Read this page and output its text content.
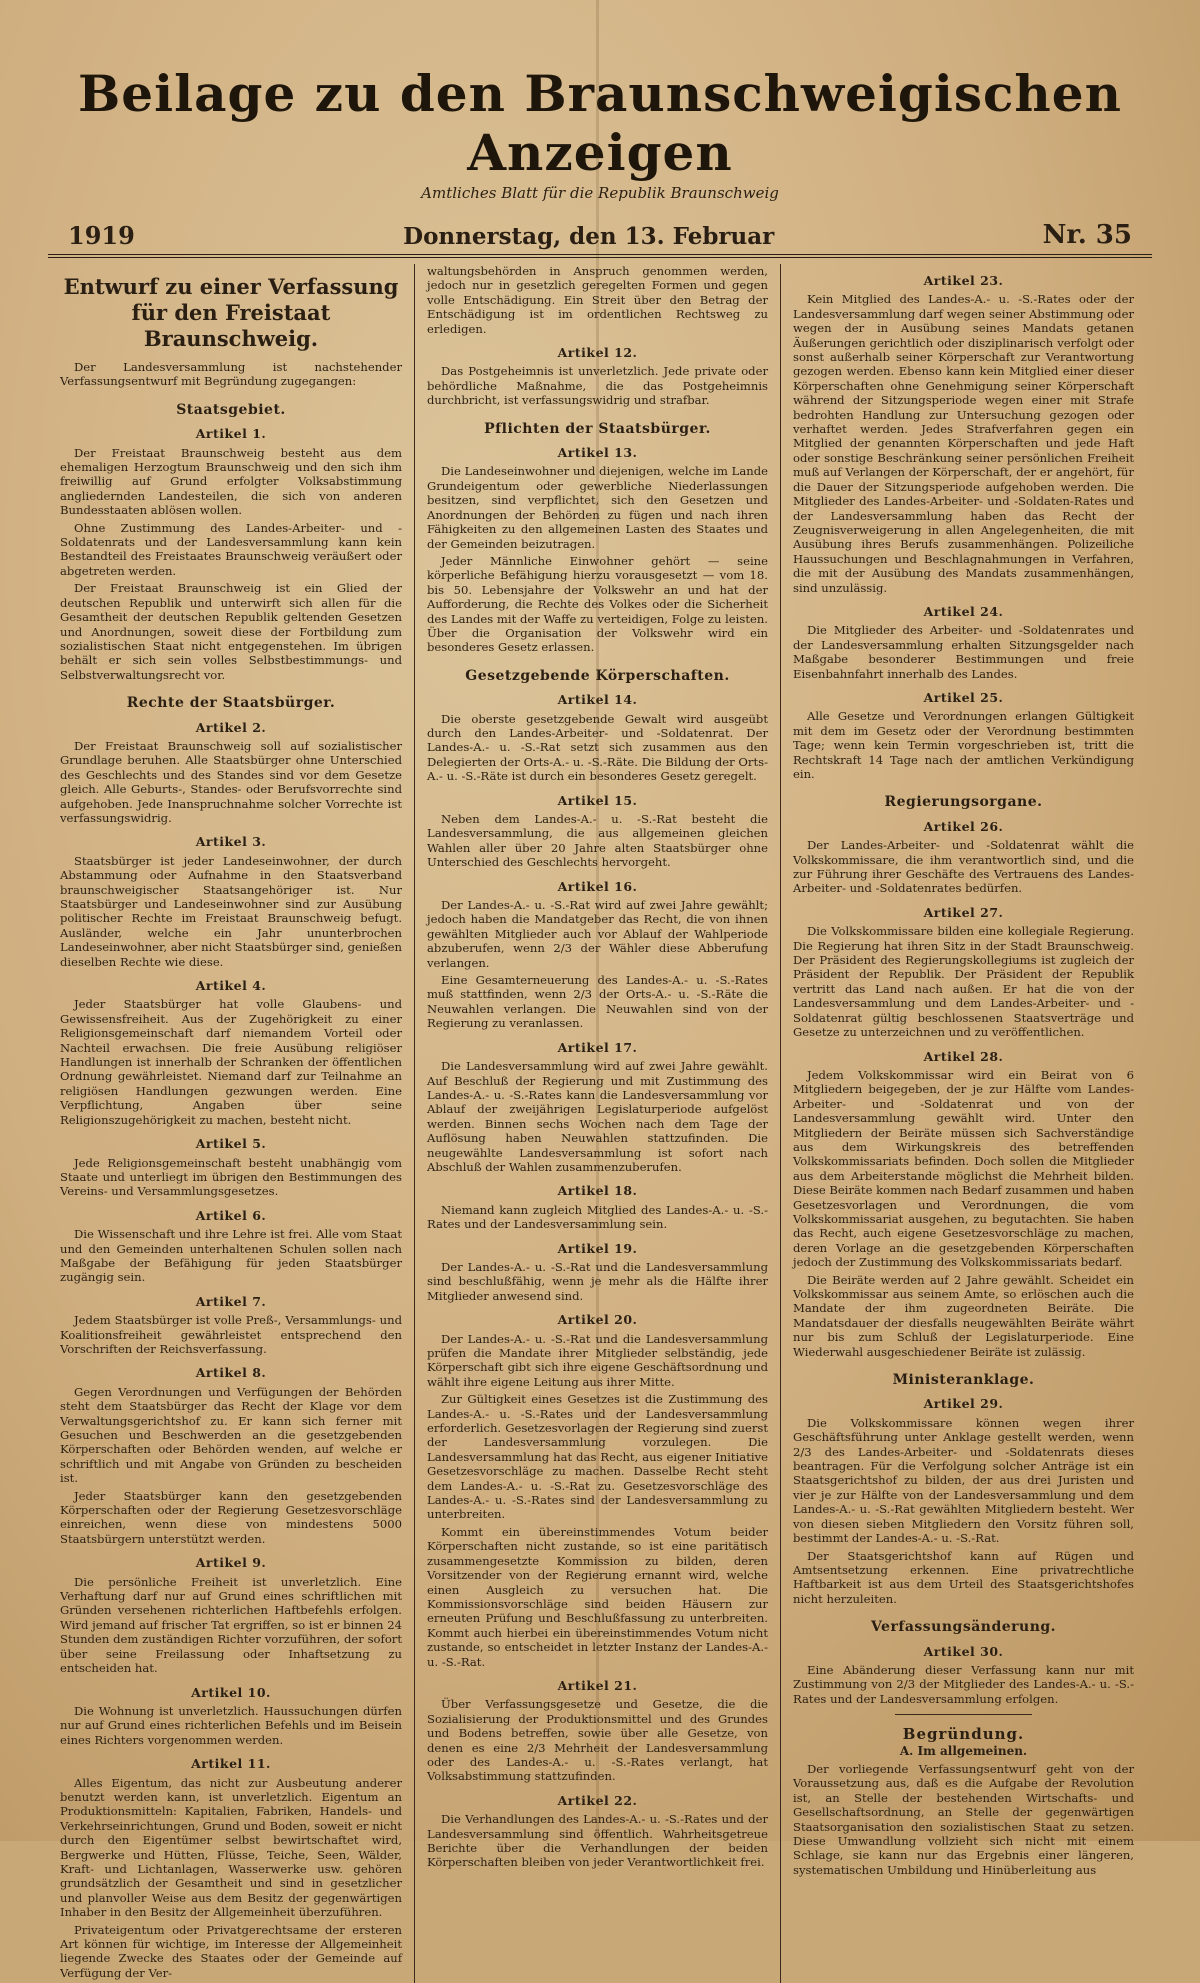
Beilage zu den Braunschweigischen Anzeigen
Amtliches Blatt für die Republik Braunschweig
1919	Donnerstag, den 13. Februar	Nr. 35
Entwurf zu einer Verfassung für den Freistaat Braunschweig.

Der Landesversammlung ist nachstehender Verfassungsentwurf mit Begründung zugegangen:

Staatsgebiet.
Artikel 1.

Der Freistaat Braunschweig besteht aus dem ehemaligen Herzogtum Braunschweig und den sich ihm freiwillig auf Grund erfolgter Volksabstimmung angliedernden Landesteilen, die sich von anderen Bundesstaaten ablösen wollen.

Ohne Zustimmung des Landes-Arbeiter- und -Soldatenrats und der Landesversammlung kann kein Bestandteil des Freistaates Braunschweig veräußert oder abgetreten werden.

Der Freistaat Braunschweig ist ein Glied der deutschen Republik und unterwirft sich allen für die Gesamtheit der deutschen Republik geltenden Gesetzen und Anordnungen, soweit diese der Fortbildung zum sozialistischen Staat nicht entgegenstehen. Im übrigen behält er sich sein volles Selbstbestimmungs- und Selbstverwaltungsrecht vor.

Rechte der Staatsbürger.
Artikel 2.

Der Freistaat Braunschweig soll auf sozialistischer Grundlage beruhen. Alle Staatsbürger ohne Unterschied des Geschlechts und des Standes sind vor dem Gesetze gleich. Alle Geburts-, Standes- oder Berufsvorrechte sind aufgehoben. Jede Inanspruchnahme solcher Vorrechte ist verfassungswidrig.

Artikel 3.

Staatsbürger ist jeder Landeseinwohner, der durch Abstammung oder Aufnahme in den Staatsverband braunschweigischer Staatsangehöriger ist. Nur Staatsbürger und Landeseinwohner sind zur Ausübung politischer Rechte im Freistaat Braunschweig befugt. Ausländer, welche ein Jahr ununterbrochen Landeseinwohner, aber nicht Staatsbürger sind, genießen dieselben Rechte wie diese.

Artikel 4.

Jeder Staatsbürger hat volle Glaubens- und Gewissensfreiheit. Aus der Zugehörigkeit zu einer Religionsgemeinschaft darf niemandem Vorteil oder Nachteil erwachsen. Die freie Ausübung religiöser Handlungen ist innerhalb der Schranken der öffentlichen Ordnung gewährleistet. Niemand darf zur Teilnahme an religiösen Handlungen gezwungen werden. Eine Verpflichtung, Angaben über seine Religionszugehörigkeit zu machen, besteht nicht.

Artikel 5.

Jede Religionsgemeinschaft besteht unabhängig vom Staate und unterliegt im übrigen den Bestimmungen des Vereins- und Versammlungsgesetzes.

Artikel 6.

Die Wissenschaft und ihre Lehre ist frei. Alle vom Staat und den Gemeinden unterhaltenen Schulen sollen nach Maßgabe der Befähigung für jeden Staatsbürger zugängig sein.

Artikel 7.

Jedem Staatsbürger ist volle Preß-, Versammlungs- und Koalitionsfreiheit gewährleistet entsprechend den Vorschriften der Reichsverfassung.

Artikel 8.

Gegen Verordnungen und Verfügungen der Behörden steht dem Staatsbürger das Recht der Klage vor dem Verwaltungsgerichtshof zu. Er kann sich ferner mit Gesuchen und Beschwerden an die gesetzgebenden Körperschaften oder Behörden wenden, auf welche er schriftlich und mit Angabe von Gründen zu bescheiden ist.

Jeder Staatsbürger kann den gesetzgebenden Körperschaften oder der Regierung Gesetzesvorschläge einreichen, wenn diese von mindestens 5000 Staatsbürgern unterstützt werden.

Artikel 9.

Die persönliche Freiheit ist unverletzlich. Eine Verhaftung darf nur auf Grund eines schriftlichen mit Gründen versehenen richterlichen Haftbefehls erfolgen. Wird jemand auf frischer Tat ergriffen, so ist er binnen 24 Stunden dem zuständigen Richter vorzuführen, der sofort über seine Freilassung oder Inhaftsetzung zu entscheiden hat.

Artikel 10.

Die Wohnung ist unverletzlich. Haussuchungen dürfen nur auf Grund eines richterlichen Befehls und im Beisein eines Richters vorgenommen werden.

Artikel 11.

Alles Eigentum, das nicht zur Ausbeutung anderer benutzt werden kann, ist unverletzlich. Eigentum an Produktionsmitteln: Kapitalien, Fabriken, Handels- und Verkehrseinrichtungen, Grund und Boden, soweit er nicht durch den Eigentümer selbst bewirtschaftet wird, Bergwerke und Hütten, Flüsse, Teiche, Seen, Wälder, Kraft- und Lichtanlagen, Wasserwerke usw. gehören grundsätzlich der Gesamtheit und sind in gesetzlicher und planvoller Weise aus dem Besitz der gegenwärtigen Inhaber in den Besitz der Allgemeinheit überzuführen.

Privateigentum oder Privatgerechtsame der ersteren Art können für wichtige, im Interesse der Allgemeinheit liegende Zwecke des Staates oder der Gemeinde auf Verfügung der Ver-

waltungsbehörden in Anspruch genommen werden, jedoch nur in gesetzlich geregelten Formen und gegen volle Entschädigung. Ein Streit über den Betrag der Entschädigung ist im ordentlichen Rechtsweg zu erledigen.

Artikel 12.

Das Postgeheimnis ist unverletzlich. Jede private oder behördliche Maßnahme, die das Postgeheimnis durchbricht, ist verfassungswidrig und strafbar.

Pflichten der Staatsbürger.
Artikel 13.

Die Landeseinwohner und diejenigen, welche im Lande Grundeigentum oder gewerbliche Niederlassungen besitzen, sind verpflichtet, sich den Gesetzen und Anordnungen der Behörden zu fügen und nach ihren Fähigkeiten zu den allgemeinen Lasten des Staates und der Gemeinden beizutragen.

Jeder Männliche Einwohner gehört — seine körperliche Befähigung hierzu vorausgesetzt — vom 18. bis 50. Lebensjahre der Volkswehr an und hat der Aufforderung, die Rechte des Volkes oder die Sicherheit des Landes mit der Waffe zu verteidigen, Folge zu leisten. Über die Organisation der Volkswehr wird ein besonderes Gesetz erlassen.

Gesetzgebende Körperschaften.
Artikel 14.

Die oberste gesetzgebende Gewalt wird ausgeübt durch den Landes-Arbeiter- und -Soldatenrat. Der Landes-A.- u. -S.-Rat setzt sich zusammen aus den Delegierten der Orts-A.- u. -S.-Räte. Die Bildung der Orts-A.- u. -S.-Räte ist durch ein besonderes Gesetz geregelt.

Artikel 15.

Neben dem Landes-A.- u. -S.-Rat besteht die Landesversammlung, die aus allgemeinen gleichen Wahlen aller über 20 Jahre alten Staatsbürger ohne Unterschied des Geschlechts hervorgeht.

Artikel 16.

Der Landes-A.- u. -S.-Rat wird auf zwei Jahre gewählt; jedoch haben die Mandatgeber das Recht, die von ihnen gewählten Mitglieder auch vor Ablauf der Wahlperiode abzuberufen, wenn 2/3 der Wähler diese Abberufung verlangen.

Eine Gesamterneuerung des Landes-A.- u. -S.-Rates muß stattfinden, wenn 2/3 der Orts-A.- u. -S.-Räte die Neuwahlen verlangen. Die Neuwahlen sind von der Regierung zu veranlassen.

Artikel 17.

Die Landesversammlung wird auf zwei Jahre gewählt. Auf Beschluß der Regierung und mit Zustimmung des Landes-A.- u. -S.-Rates kann die Landesversammlung vor Ablauf der zweijährigen Legislaturperiode aufgelöst werden. Binnen sechs Wochen nach dem Tage der Auflösung haben Neuwahlen stattzufinden. Die neugewählte Landesversammlung ist sofort nach Abschluß der Wahlen zusammenzuberufen.

Artikel 18.

Niemand kann zugleich Mitglied des Landes-A.- u. -S.-Rates und der Landesversammlung sein.

Artikel 19.

Der Landes-A.- u. -S.-Rat und die Landesversammlung sind beschlußfähig, wenn je mehr als die Hälfte ihrer Mitglieder anwesend sind.

Artikel 20.

Der Landes-A.- u. -S.-Rat und die Landesversammlung prüfen die Mandate ihrer Mitglieder selbständig, jede Körperschaft gibt sich ihre eigene Geschäftsordnung und wählt ihre eigene Leitung aus ihrer Mitte.

Zur Gültigkeit eines Gesetzes ist die Zustimmung des Landes-A.- u. -S.-Rates und der Landesversammlung erforderlich. Gesetzesvorlagen der Regierung sind zuerst der Landesversammlung vorzulegen. Die Landesversammlung hat das Recht, aus eigener Initiative Gesetzesvorschläge zu machen. Dasselbe Recht steht dem Landes-A.- u. -S.-Rat zu. Gesetzesvorschläge des Landes-A.- u. -S.-Rates sind der Landesversammlung zu unterbreiten.

Kommt ein übereinstimmendes Votum beider Körperschaften nicht zustande, so ist eine paritätisch zusammengesetzte Kommission zu bilden, deren Vorsitzender von der Regierung ernannt wird, welche einen Ausgleich zu versuchen hat. Die Kommissionsvorschläge sind beiden Häusern zur erneuten Prüfung und Beschlußfassung zu unterbreiten. Kommt auch hierbei ein übereinstimmendes Votum nicht zustande, so entscheidet in letzter Instanz der Landes-A.- u. -S.-Rat.

Artikel 21.

Über Verfassungsgesetze und Gesetze, die die Sozialisierung der Produktionsmittel und des Grundes und Bodens betreffen, sowie über alle Gesetze, von denen es eine 2/3 Mehrheit der Landesversammlung oder des Landes-A.- u. -S.-Rates verlangt, hat Volksabstimmung stattzufinden.

Artikel 22.

Die Verhandlungen des Landes-A.- u. -S.-Rates und der Landesversammlung sind öffentlich. Wahrheitsgetreue Berichte über die Verhandlungen der beiden Körperschaften bleiben von jeder Verantwortlichkeit frei.

Artikel 23.

Kein Mitglied des Landes-A.- u. -S.-Rates oder der Landesversammlung darf wegen seiner Abstimmung oder wegen der in Ausübung seines Mandats getanen Äußerungen gerichtlich oder disziplinarisch verfolgt oder sonst außerhalb seiner Körperschaft zur Verantwortung gezogen werden. Ebenso kann kein Mitglied einer dieser Körperschaften ohne Genehmigung seiner Körperschaft während der Sitzungsperiode wegen einer mit Strafe bedrohten Handlung zur Untersuchung gezogen oder verhaftet werden. Jedes Strafverfahren gegen ein Mitglied der genannten Körperschaften und jede Haft oder sonstige Beschränkung seiner persönlichen Freiheit muß auf Verlangen der Körperschaft, der er angehört, für die Dauer der Sitzungsperiode aufgehoben werden. Die Mitglieder des Landes-Arbeiter- und -Soldaten-Rates und der Landesversammlung haben das Recht der Zeugnisverweigerung in allen Angelegenheiten, die mit Ausübung ihres Berufs zusammenhängen. Polizeiliche Haussuchungen und Beschlagnahmungen in Verfahren, die mit der Ausübung des Mandats zusammenhängen, sind unzulässig.

Artikel 24.

Die Mitglieder des Arbeiter- und -Soldatenrates und der Landesversammlung erhalten Sitzungsgelder nach Maßgabe besonderer Bestimmungen und freie Eisenbahnfahrt innerhalb des Landes.

Artikel 25.

Alle Gesetze und Verordnungen erlangen Gültigkeit mit dem im Gesetz oder der Verordnung bestimmten Tage; wenn kein Termin vorgeschrieben ist, tritt die Rechtskraft 14 Tage nach der amtlichen Verkündigung ein.

Regierungsorgane.
Artikel 26.

Der Landes-Arbeiter- und -Soldatenrat wählt die Volkskommissare, die ihm verantwortlich sind, und die zur Führung ihrer Geschäfte des Vertrauens des Landes-Arbeiter- und -Soldatenrates bedürfen.

Artikel 27.

Die Volkskommissare bilden eine kollegiale Regierung. Die Regierung hat ihren Sitz in der Stadt Braunschweig. Der Präsident des Regierungskollegiums ist zugleich der Präsident der Republik. Der Präsident der Republik vertritt das Land nach außen. Er hat die von der Landesversammlung und dem Landes-Arbeiter- und -Soldatenrat gültig beschlossenen Staatsverträge und Gesetze zu unterzeichnen und zu veröffentlichen.

Artikel 28.

Jedem Volkskommissar wird ein Beirat von 6 Mitgliedern beigegeben, der je zur Hälfte vom Landes-Arbeiter- und -Soldatenrat und von der Landesversammlung gewählt wird. Unter den Mitgliedern der Beiräte müssen sich Sachverständige aus dem Wirkungskreis des betreffenden Volkskommissariats befinden. Doch sollen die Mitglieder aus dem Arbeiterstande möglichst die Mehrheit bilden. Diese Beiräte kommen nach Bedarf zusammen und haben Gesetzesvorlagen und Verordnungen, die vom Volkskommissariat ausgehen, zu begutachten. Sie haben das Recht, auch eigene Gesetzesvorschläge zu machen, deren Vorlage an die gesetzgebenden Körperschaften jedoch der Zustimmung des Volkskommissariats bedarf.

Die Beiräte werden auf 2 Jahre gewählt. Scheidet ein Volkskommissar aus seinem Amte, so erlöschen auch die Mandate der ihm zugeordneten Beiräte. Die Mandatsdauer der diesfalls neugewählten Beiräte währt nur bis zum Schluß der Legislaturperiode. Eine Wiederwahl ausgeschiedener Beiräte ist zulässig.

Ministeranklage.
Artikel 29.

Die Volkskommissare können wegen ihrer Geschäftsführung unter Anklage gestellt werden, wenn 2/3 des Landes-Arbeiter- und -Soldatenrats dieses beantragen. Für die Verfolgung solcher Anträge ist ein Staatsgerichtshof zu bilden, der aus drei Juristen und vier je zur Hälfte von der Landesversammlung und dem Landes-A.- u. -S.-Rat gewählten Mitgliedern besteht. Wer von diesen sieben Mitgliedern den Vorsitz führen soll, bestimmt der Landes-A.- u. -S.-Rat.

Der Staatsgerichtshof kann auf Rügen und Amtsentsetzung erkennen. Eine privatrechtliche Haftbarkeit ist aus dem Urteil des Staatsgerichtshofes nicht herzuleiten.

Verfassungsänderung.
Artikel 30.

Eine Abänderung dieser Verfassung kann nur mit Zustimmung von 2/3 der Mitglieder des Landes-A.- u. -S.-Rates und der Landesversammlung erfolgen.

Begründung.
A. Im allgemeinen.

Der vorliegende Verfassungsentwurf geht von der Voraussetzung aus, daß es die Aufgabe der Revolution ist, an Stelle der bestehenden Wirtschafts- und Gesellschaftsordnung, an Stelle der gegenwärtigen Staatsorganisation den sozialistischen Staat zu setzen. Diese Umwandlung vollzieht sich nicht mit einem Schlage, sie kann nur das Ergebnis einer längeren, systematischen Umbildung und Hinüberleitung aus
